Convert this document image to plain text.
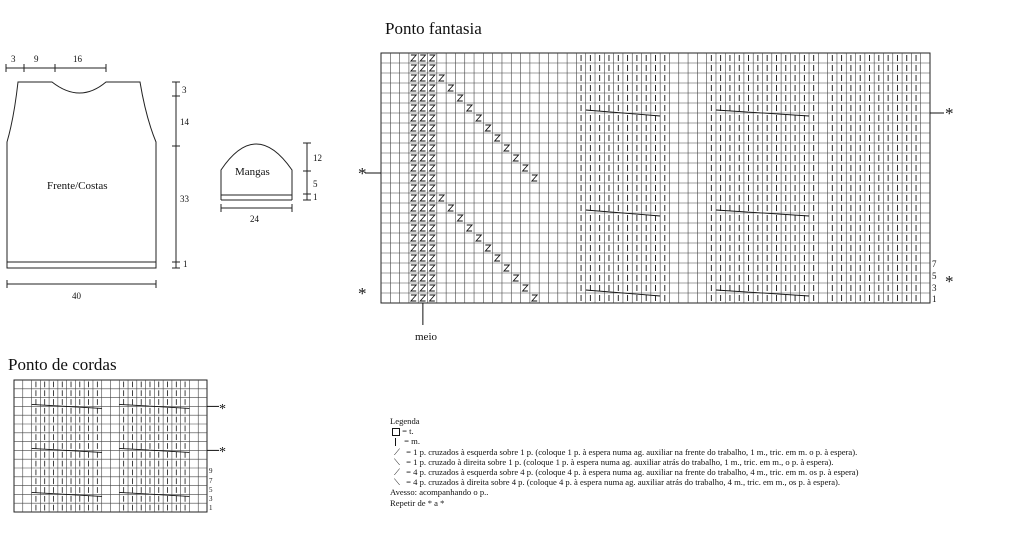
3 9	16
3
14
33
1
40
Frente/Costas
Mangas
12
5
1
24
Ponto fantasia
*
*
*
*
7
5
3
1
meio
Ponto de cordas
*
*
9
7
5
3
1
Legenda
= t.
= m.
⟋ = 1 p. cruzados à esquerda sobre 1 p. (coloque 1 p. à espera numa ag. auxiliar na frente do trabalho, 1 m., tric. em m. o p. à espera).
⟍ = 1 p. cruzado à direita sobre 1 p. (coloque 1 p. à espera numa ag. auxiliar atrás do trabalho, 1 m., tric. em m., o p. à espera).
⟋ = 4 p. cruzados à esquerda sobre 4 p. (coloque 4 p. à espera numa ag. auxiliar na frente do trabalho, 4 m., tric. em m. os p. à espera)
⟍ = 4 p. cruzados à direita sobre 4 p. (coloque 4 p. à espera numa ag. auxiliar atrás do trabalho, 4 m., tric. em m., os p. à espera).
Avesso: acompanhando o p..
Repetir de * a *
